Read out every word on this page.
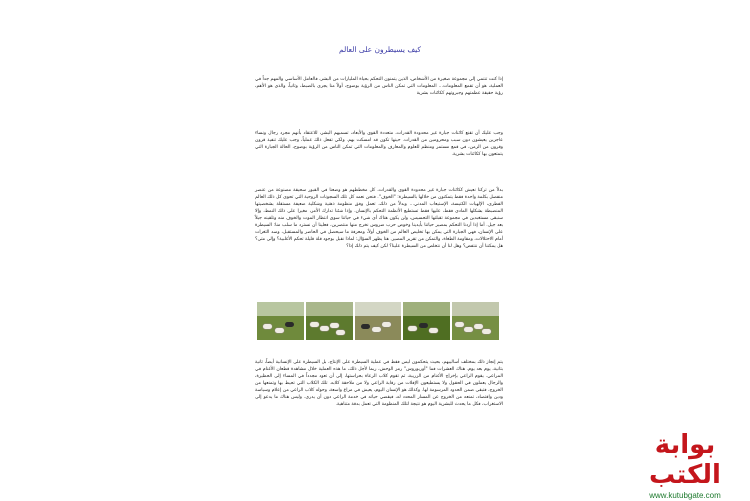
كيف يسيطرون على العالم

إذا كنت تنتمي إلى مجموعة صغيرة من الأشخاص، الذين يتمنون التحكم بحياة المليارات من البشر، فالعامل الأساسي والمهم جداً في العملية، هو أن تقمع المعلومات... المعلومات التي تمكن الناس من الرؤية بوضوح، أولاً منا يجري بالضبط، وثانياً، والذي هو الأهم، رؤية حقيقة عظمتهم وجبروتهم ككائنات بشرية

وجب عليك أن تقنع كائنات جبارة غير محدودة القدرات، متعددة القوى والأبعاد، تسميهم البشر، للاعتقاد بأنهم مجرد رجال ونساء عاجزين يعيشون دون سبب ومحرومين من القدرات. حينها تكون قد امسكت بهم. ولكي تفعل ذلك عملياً، وجب عليك تنفيذ قرون وقرون من الزمن، في قمع مستمر ومنظم للعلوم والمعارف والمعلومات التي تمكن الناس من الرؤية بوضوح، الحالة الجبارة التي يتمتعون بها ككائنات بشرية.

بدلاً من تركنا نعيش ككائنات جبارة غير محدودة القوى والقدرات، كل مخططهم هو وضعنا في القبور سحيقة مصنوعة من عنصر منفصل بكلمة واحدة فقط يتمكنون من خلالها بالسيطرة: "الخوف". فنحن نعمد كل تلك السجونات الروحية التي تحوي كل ذلك العالم الفطري، الإلهيات الكنيسة، الإستيعاب المدني... وبدلاً من ذلك، تعمل وفق منظومة ذهنية وشكلية ضعيفة مستقلة بشخصيتها المنضبطة بشكلها المادي فقط، عليها فقط تستطيع الأنظمة التحكم بالإنسان. وإذا شئنا تدارك الأمر، مغيرا على ذلك النمط، وإلا سنبقى مستغبدين في مجموعة تقبلتها التحسيس، ولن يكون هناك أي شيء في حياتنا سوى انتظار الموت والخوف منه وتلقينه جيلاً بعد جيل. أما إذا أردنا التحكم بمصير حياتنا بأيدينا وخوض حرب ضروس نخرج منها منتصرين، فعلينا أن نسترد ما سلب منا: السيطرة على الإنسان، فهي الجبارة التي يمكن بها تخليص العالم من الخوف أولاً، ومعرفة ما سيحصل في الحاضر والمستقبل، وسد الثغرات أمام الاحتلالات، ومقاومة الطغاة، والتمكن من تقرير المصير. هنا يظهر السؤال: لماذا نقبل بوجود قلة قليلة تحكم الأغلبية؟ وإلى متى؟ هل يمكننا أن ننتفض؟ وهل لنا أن نتخلص من السيطرة علينا؟ لكن كيف يتم ذلك إذا؟

يتم إنجاز ذلك بمختلف أساليبهم، بحيث يتحكمون ليس فقط في عملية السيطرة على الإنتاج، بل السيطرة على الإنسانية أيضاً، ثانية بثانية، يوم بعد يوم. هناك العشرات فما "أوربوروس" رمز الوحش، ربما لأجل ذلك، ما هذه العملية خلال مشاهدة قطعان الأغنام في المراعي. يقوم الراعي بإخراج الأغنام من الزريبة، ثم تقوم كلاب الرعاة بحراستها، إلى أن تعود مجدداً في المساء إلى الحظيرة، والرجال يعملون في الحقول ولا يستطيعون الإفلات من رقابة الراعي ولا من ملاحقة كلابه. تلك الكلاب التي تحيط بها وتمنعها من الخروج، فتبقى ضمن الحدود المرسومة لها. وكذلك هو الإنسان اليوم، يعيش في مراع واسعة، وحوله كلاب الراعي من إعلام وسياسة ودين واقتصاد، تمنعه من الخروج عن المسار المحدد له، فيقضي حياته في خدمة الراعي دون أن يدري. وليس هناك ما يدعو إلى الاستغراب، فكل ما يحدث للبشرية اليوم هو نتيجة لتلك المنظومة التي تعمل بدقة متناهية.

بوابة الكتب
www.kutubgate.com
